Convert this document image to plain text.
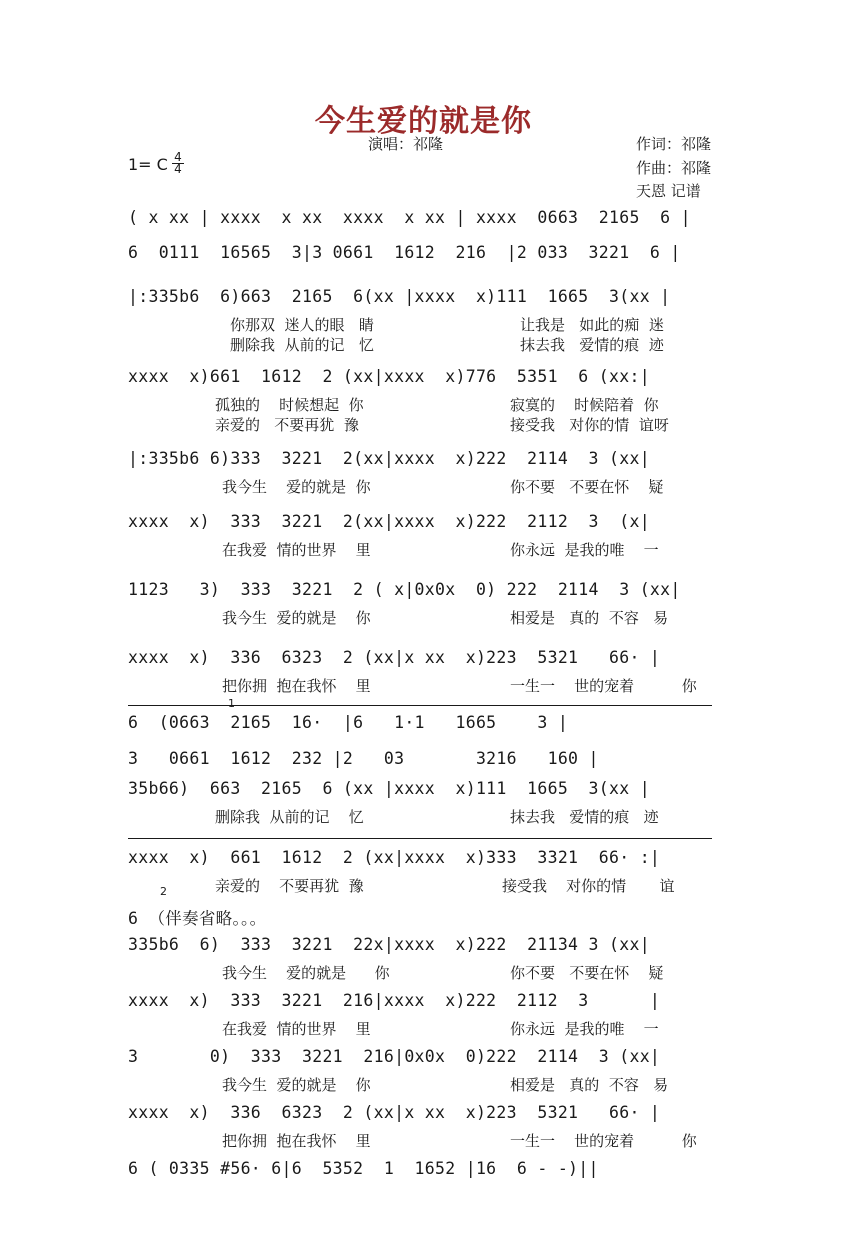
今生爱的就是你
演唱：祁隆	作词：祁隆
作曲：祁隆
天恩 记谱
1= C $\frac{4}{4}$
1
2
( x xx | xxxx  x xx  xxxx  x xx | xxxx  0663  2165  6 |
6  0111  16565  3|3 0661  1612  216  |2 033  3221  6 |
|:335b6  6)663  2165  6(xx |xxxx  x)111  1665  3(xx |
你那双  迷人的眼   睛	让我是   如此的痴  迷
删除我  从前的记   忆	抹去我   爱情的痕  迹
xxxx  x)661  1612  2 (xx|xxxx  x)776  5351  6 (xx:|
孤独的    时候想起  你	寂寞的    时候陪着  你
亲爱的   不要再犹  豫	接受我   对你的情  谊呀
|:335b6 6)333  3221  2(xx|xxxx  x)222  2114  3 (xx|
我今生    爱的就是  你	你不要   不要在怀    疑
xxxx  x)  333  3221  2(xx|xxxx  x)222  2112  3  (x|
在我爱  情的世界    里	你永远  是我的唯    一
1123   3)  333  3221  2 ( x|0x0x  0) 222  2114  3 (xx|
我今生  爱的就是    你	相爱是   真的  不容   易
xxxx  x)  336  6323  2 (xx|x xx  x)223  5321   66· |
把你拥  抱在我怀    里	一生一    世的宠着          你
6  (0663  2165  16·  |6   1·1   1665    3 |
3   0661  1612  232 |2   03       3216   160 |
35b66)  663  2165  6 (xx |xxxx  x)111  1665  3(xx |
删除我  从前的记    忆	抹去我   爱情的痕   迹
xxxx  x)  661  1612  2 (xx|xxxx  x)333  3321  66· :|
亲爱的    不要再犹  豫	接受我    对你的情       谊
6 （伴奏省略。。。
335b6  6)  333  3221  22x|xxxx  x)222  21134 3 (xx|
我今生    爱的就是      你	你不要   不要在怀    疑
xxxx  x)  333  3221  216|xxxx  x)222  2112  3      |
在我爱  情的世界    里	你永远  是我的唯    一
3       0)  333  3221  216|0x0x  0)222  2114  3 (xx|
我今生  爱的就是    你	相爱是   真的  不容   易
xxxx  x)  336  6323  2 (xx|x xx  x)223  5321   66· |
把你拥  抱在我怀    里	一生一    世的宠着          你
6 ( 0335 #56· 6|6  5352  1  1652 |16  6 - -)||
